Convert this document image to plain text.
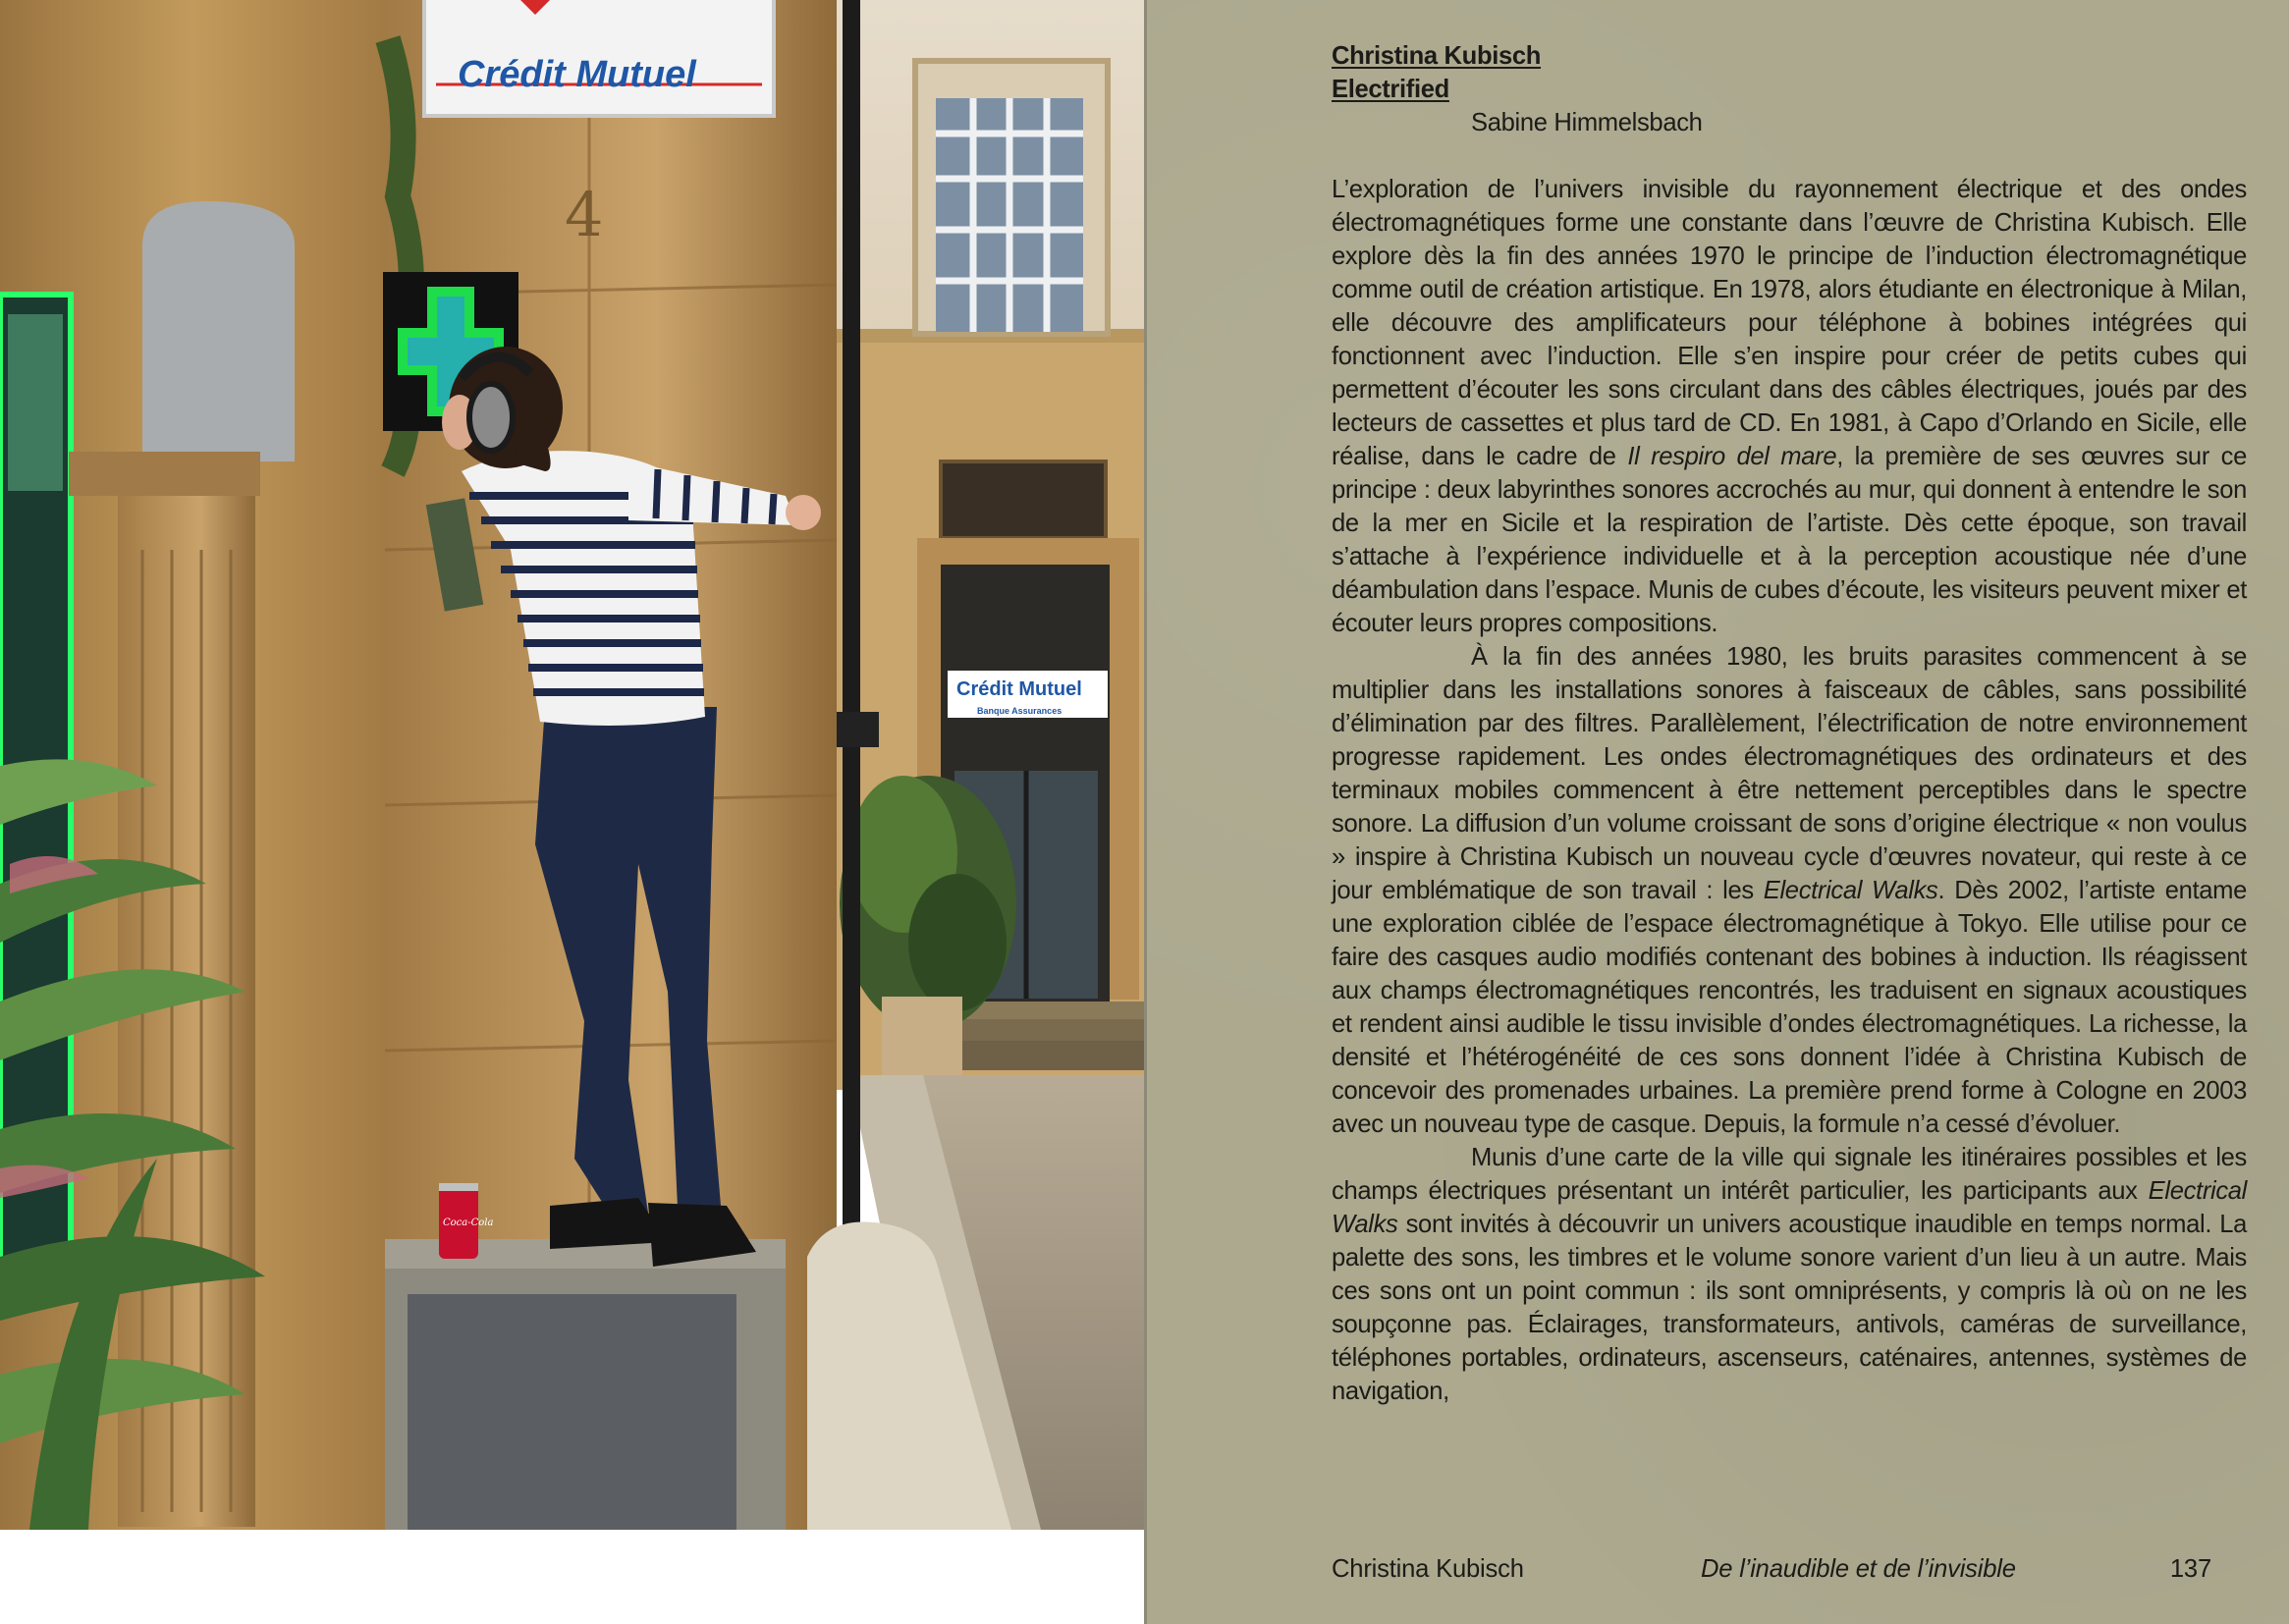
Crédit Mutuel
Banque Assurances
4
Crédit Mutuel
Coca-Cola
Christina Kubisch
Electrified
Sabine Himmelsbach

L’exploration de l’univers invisible du rayonnement électrique et des ondes électromagnétiques forme une constante dans l’œuvre de Christina Kubisch. Elle explore dès la fin des années 1970 le principe de l’induction électromagnétique comme outil de création artistique. En 1978, alors étudiante en électronique à Milan, elle découvre des amplificateurs pour téléphone à bobines intégrées qui fonctionnent avec l’induction. Elle s’en inspire pour créer de petits cubes qui permettent d’écouter les sons circulant dans des câbles électriques, joués par des lecteurs de cassettes et plus tard de CD. En 1981, à Capo d’Orlando en Sicile, elle réalise, dans le cadre de Il respiro del mare, la première de ses œuvres sur ce principe : deux labyrinthes sonores accrochés au mur, qui donnent à entendre le son de la mer en Sicile et la respiration de l’artiste. Dès cette époque, son travail s’attache à l’expérience individuelle et à la perception acoustique née d’une déambulation dans l’espace. Munis de cubes d’écoute, les visiteurs peuvent mixer et écouter leurs propres compositions.

À la fin des années 1980, les bruits parasites commencent à se multiplier dans les installations sonores à faisceaux de câbles, sans possibilité d’élimination par des filtres. Parallèlement, l’électrification de notre environnement progresse rapidement. Les ondes électromagnétiques des ordinateurs et des terminaux mobiles commencent à être nettement perceptibles dans le spectre sonore. La diffusion d’un volume croissant de sons d’origine électrique « non voulus » inspire à Christina Kubisch un nouveau cycle d’œuvres novateur, qui reste à ce jour emblématique de son travail : les Electrical Walks. Dès 2002, l’artiste entame une exploration ciblée de l’espace électromagnétique à Tokyo. Elle utilise pour ce faire des casques audio modifiés contenant des bobines à induction. Ils réagissent aux champs électromagnétiques rencontrés, les traduisent en signaux acoustiques et rendent ainsi audible le tissu invisible d’ondes électromagnétiques. La richesse, la densité et l’hétérogénéité de ces sons donnent l’idée à Christina Kubisch de concevoir des promenades urbaines. La première prend forme à Cologne en 2003 avec un nouveau type de casque. Depuis, la formule n’a cessé d’évoluer.

Munis d’une carte de la ville qui signale les itinéraires possibles et les champs électriques présentant un intérêt particulier, les participants aux Electrical Walks sont invités à découvrir un univers acoustique inaudible en temps normal. La palette des sons, les timbres et le volume sonore varient d’un lieu à un autre. Mais ces sons ont un point commun : ils sont omniprésents, y compris là où on ne les soupçonne pas. Éclairages, transformateurs, antivols, caméras de surveillance, téléphones portables, ordinateurs, ascenseurs, caténaires, antennes, systèmes de navigation,

Christina Kubisch	De l’inaudible et de l’invisible	137
